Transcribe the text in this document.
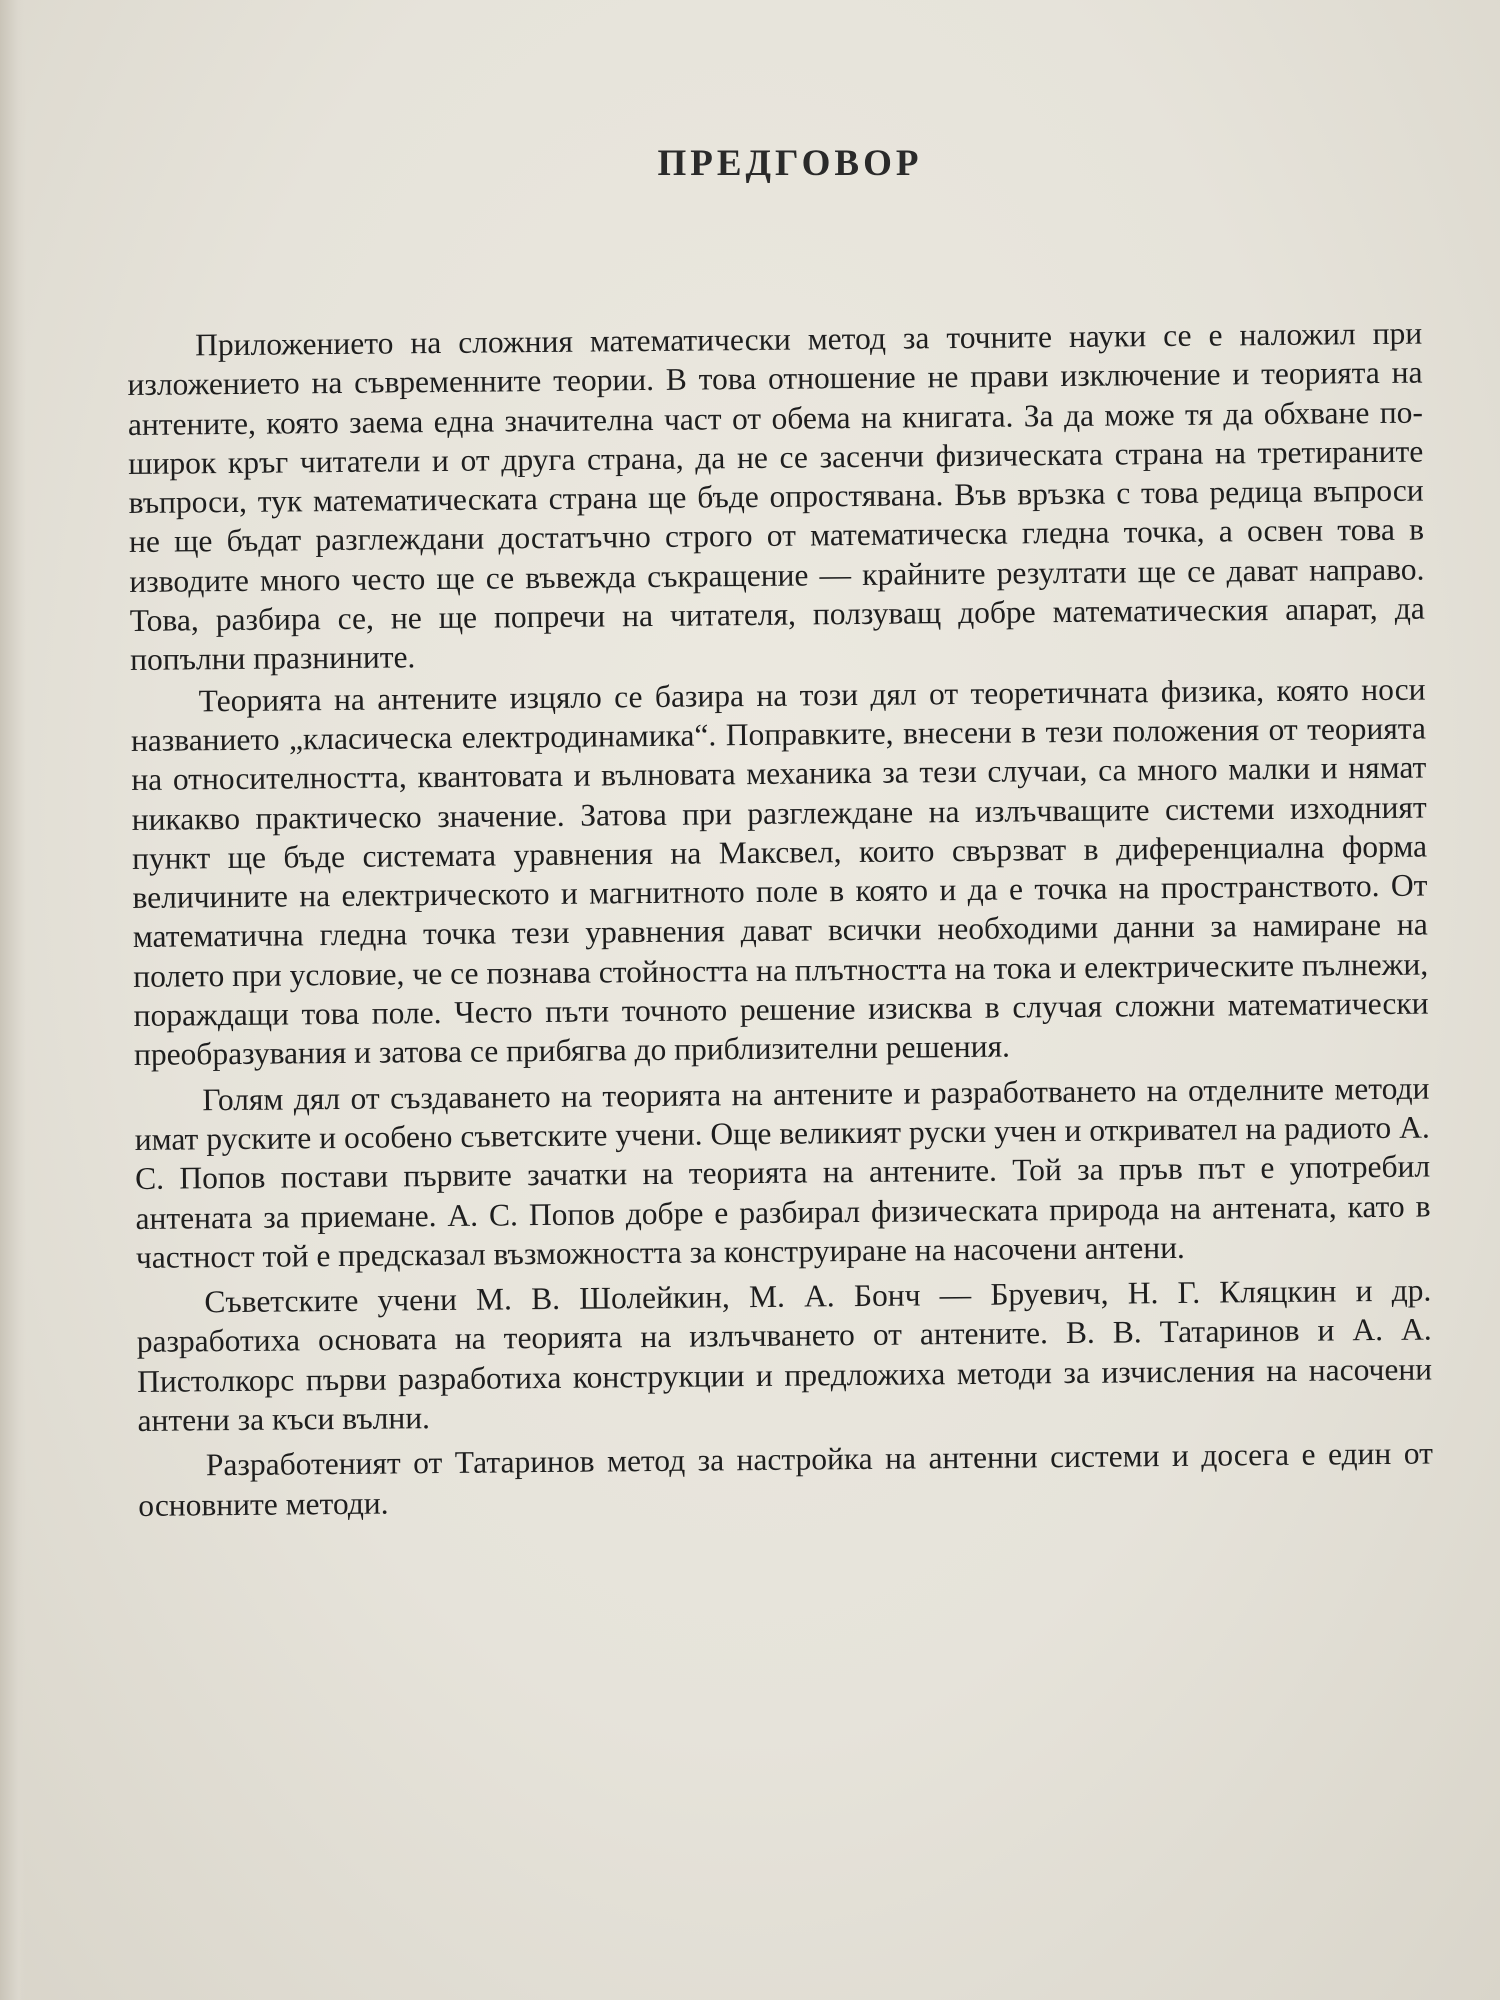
ПРЕДГОВОР

Приложението на сложния математически метод за точните науки се е наложил при изложението на съвременните теории. В това отношение не прави изключение и теорията на антените, която заема една значителна част от обема на книгата. За да може тя да обхване по-широк кръг читатели и от друга страна, да не се засенчи физическата страна на третираните въпроси, тук математическата страна ще бъде опростявана. Във връзка с това редица въпроси не ще бъдат разглеждани достатъчно строго от математическа гледна точка, а освен това в изводите много често ще се въвежда съкращение — крайните резултати ще се дават направо. Това, разбира се, не ще попречи на читателя, ползуващ добре математическия апарат, да попълни празнините.

Теорията на антените изцяло се базира на този дял от теоретичната физика, която носи названието „класическа електродинамика“. Поправките, внесени в тези положения от теорията на относителността, квантовата и вълновата механика за тези случаи, са много малки и нямат никакво практическо значение. Затова при разглеждане на излъчващите системи изходният пункт ще бъде системата уравнения на Максвел, които свързват в диференциална форма величините на електрическото и магнитното поле в която и да е точка на пространството. От математична гледна точка тези уравнения дават всички необходими данни за намиране на полето при условие, че се познава стойността на плътността на тока и електрическите пълнежи, пораждащи това поле. Често пъти точното решение изисква в случая сложни математически преобразувания и затова се прибягва до приблизителни решения.

Голям дял от създаването на теорията на антените и разработването на отделните методи имат руските и особено съветските учени. Още великият руски учен и откривател на радиото А. С. Попов постави първите зачатки на теорията на антените. Той за пръв път е употребил антената за приемане. А. С. Попов добре е разбирал физическата природа на антената, като в частност той е предсказал възможността за конструиране на насочени антени.

Съветските учени М. В. Шолейкин, М. А. Бонч — Бруевич, Н. Г. Кляцкин и др. разработиха основата на теорията на излъчването от антените. В. В. Татаринов и А. А. Пистолкорс първи разработиха конструкции и предложиха методи за изчисления на насочени антени за къси вълни.

Разработеният от Татаринов метод за настройка на антенни системи и досега е един от основните методи.
